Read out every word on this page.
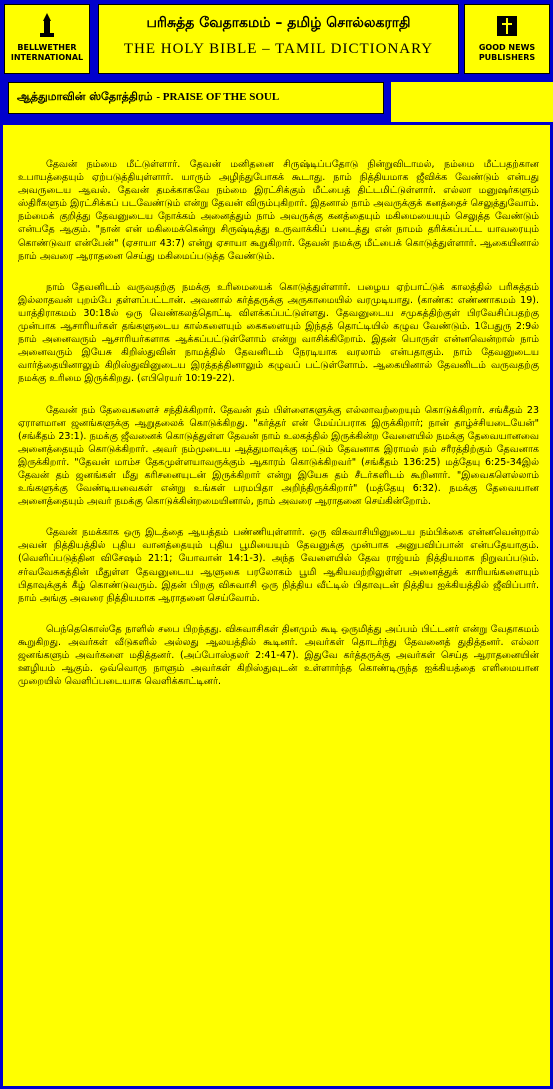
BELLWETHER INTERNATIONAL
பரிசுத்த வேதாகமம் – தமிழ் சொல்லகராதி
THE HOLY BIBLE – TAMIL DICTIONARY	GOOD NEWS PUBLISHERS
ஆத்துமாவின் ஸ்தோத்திரம் - PRAISE OF THE SOUL

தேவன் நம்மை மீட்டுள்ளார். தேவன் மனிதனை சிருஷ்டிப்பதோடு நின்றுவிடாமல், நம்மை மீட்பதற்கான உபாயத்தையும் ஏற்படுத்தியுள்ளார். யாரும் அழிந்துபோகக் கூடாது. நாம் நித்தியமாக ஜீவிக்க வேண்டும் என்பது அவருடைய ஆவல். தேவன் தமக்காகவே நம்மை இரட்சிக்கும் மீட்பைத் திட்டமிட்டுள்ளார். எல்லா மனுஷர்களும் ஸ்திரீகளும் இரட்சிக்கப் படவேண்டும் என்று தேவன் விரும்புகிறார். இதனால் நாம் அவருக்குக் கனத்தைச் செலுத்துவோம். நம்மைக் குறித்து தேவனுடைய நோக்கம் அனைத்தும் நாம் அவருக்கு கனத்தையும் மகிமையையும் செலுத்த வேண்டும் என்பதே ஆகும். "நான் என் மகிமைக்கென்று சிருஷ்டித்து உருவாக்கிப் படைத்து என் நாமம் தரிக்கப்பட்ட யாவரையும் கொண்டுவா என்பேன்" (ஏசாயா 43:7) என்று ஏசாயா கூறுகிறார். தேவன் நமக்கு மீட்பைக் கொடுத்துள்ளார். ஆகையினால் நாம் அவரை ஆராதனை செய்து மகிமைப்படுத்த வேண்டும்.

நாம் தேவனிடம் வருவதற்கு நமக்கு உரிமையைக் கொடுத்துள்ளார். பழைய ஏற்பாட்டுக் காலத்தில் பரிசுத்தம் இல்லாதவன் புறம்பே தள்ளப்பட்டான். அவனால் கர்த்தருக்கு அருகாமையில் வரமுடியாது. (காண்க: எண்ணாகமம் 19). யாத்திராகமம் 30:18ல் ஒரு வெண்கலத்தொட்டி விளக்கப்பட்டுள்ளது. தேவனுடைய சமுகத்திற்குள் பிரவேசிப்பதற்கு முன்பாக ஆசாரியர்கள் தங்களுடைய கால்களையும் கைகளையும் இந்தத் தொட்டியில் கழுவ வேண்டும். 1பேதுரு 2:9ல் நாம் அனைவரும் ஆசாரியர்களாக ஆக்கப்பட்டுள்ளோம் என்று வாசிக்கிறோம். இதன் பொருள் என்னவென்றால் நாம் அனைவரும் இயேசு கிறிஸ்துவின் நாமத்தில் தேவனிடம் நேரடியாக வரலாம் என்பதாகும். நாம் தேவனுடைய வார்த்தையினாலும் கிறிஸ்துவினுடைய இரத்தத்தினாலும் கழுவப் பட்டுள்ளோம். ஆகையினால் தேவனிடம் வருவதற்கு நமக்கு உரிமை இருக்கிறது. (எபிரெயர் 10:19-22).

தேவன் நம் தேவைகளைச் சந்திக்கிறார். தேவன் தம் பிள்ளைகளுக்கு எல்லாவற்றையும் கொடுக்கிறார். சங்கீதம் 23 ஏராளமான ஜனங்களுக்கு ஆறுதலைக் கொடுக்கிறது. "கர்த்தர் என் மேய்ப்பராக இருக்கிறார்; நான் தாழ்ச்சியடையேன்" (சங்கீதம் 23:1). நமக்கு ஜீவனைக் கொடுத்துள்ள தேவன் நாம் உலகத்தில் இருக்கின்ற வேளையில் நமக்கு தேவையானவை அனைத்தையும் கொடுக்கிறார். அவர் நம்முடைய ஆத்துமாவுக்கு மட்டும் தேவனாக இராமல் நம் சரீரத்திற்கும் தேவனாக இருக்கிறார். "தேவன் மாம்ச தேகமுள்ளயாவருக்கும் ஆகாரம் கொடுக்கிறவர்" (சங்கீதம் 136:25) மத்தேயு 6:25-34இல் தேவன் தம் ஜனங்கள் மீது கரிசனையுடன் இருக்கிறார் என்று இயேசு தம் சீடர்களிடம் கூறினார். "இவைகளெல்லாம் உங்களுக்கு வேண்டியவைகள் என்று உங்கள் பரமபிதா அறிந்திருக்கிறார்" (மத்தேயு 6:32). நமக்கு தேவையான அனைத்தையும் அவர் நமக்கு கொடுக்கின்றமையினால், நாம் அவரை ஆராதனை செய்கின்றோம்.

தேவன் நமக்காக ஒரு இடத்தை ஆயத்தம் பண்ணியுள்ளார். ஒரு விசுவாசியினுடைய நம்பிக்கை என்னவென்றால் அவன் நித்தியத்தில் புதிய வானத்தையும் புதிய பூமியையும் தேவனுக்கு முன்பாக அனுபவிப்பான் என்பதேயாகும். (வெளிப்படுத்தின விசேஷம் 21:1; யோவான் 14:1-3). அந்த வேளையில் தேவ ராஜ்யம் நித்தியமாக நிறுவப்படும். சர்வவேசுகத்தின் மீதுள்ள தேவனுடைய ஆளுகை பரலோகம் பூமி ஆகியவற்றிலுள்ள அனைத்துக் காரியங்களையும் பிதாவுக்குக் கீழ் கொண்டுவரும். இதன் பிறகு விசுவாசி ஒரு நித்திய வீட்டில் பிதாவுடன் நித்திய ஐக்கியத்தில் ஜீவிப்பார். நாம் அங்கு அவரை நித்தியமாக ஆராதனை செய்வோம்.

பெந்தெகொஸ்தே நாளில் சபை பிறந்தது. விசுவாசிகள் தினமும் கூடி ஒருமித்து அப்பம் பிட்டனர் என்று வேதாகமம் கூறுகிறது. அவர்கள் வீடுகளில் அல்லது ஆலயத்தில் கூடினர். அவர்கள் தொடர்ந்து தேவனைத் துதித்தனர். எல்லா ஜனங்களும் அவர்களை மதித்தனர். (அப்போஸ்தலர் 2:41-47). இதுவே கர்த்தருக்கு அவர்கள் செய்த ஆராதனையின் ஊழியம் ஆகும். ஒவ்வொரு நாளும் அவர்கள் கிறிஸ்துவுடன் உள்ளார்ந்த கொண்டிருந்த ஐக்கியத்தை எளிமையான முறையில் வெளிப்படையாக வெளிக்காட்டினர்.
